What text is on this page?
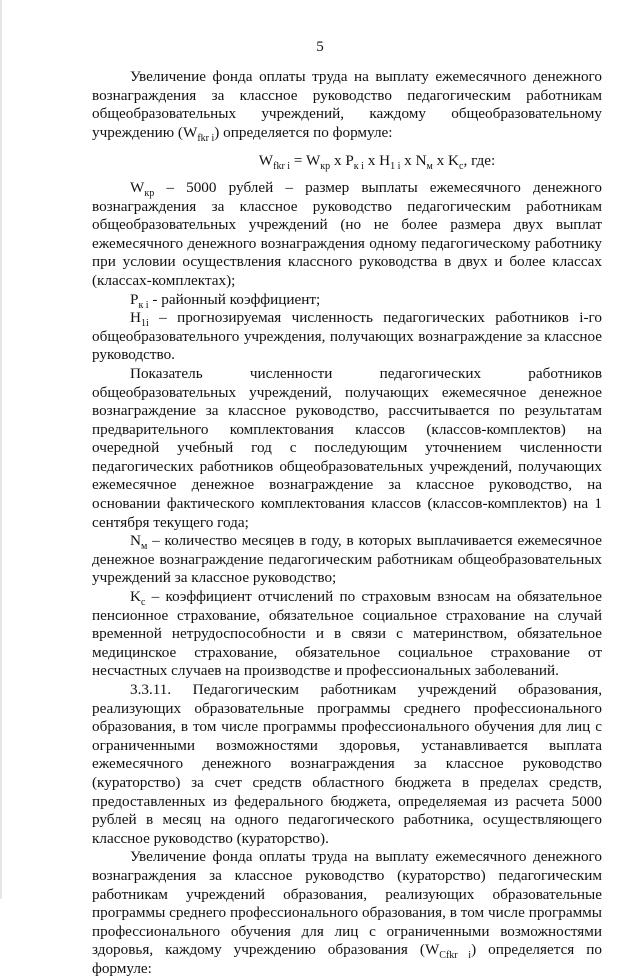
5

Увеличение фонда оплаты труда на выплату ежемесячного денежного вознаграждения за классное руководство педагогическим работникам общеобразовательных учреждений, каждому общеобразовательному учреждению $(W_{fkr i})$ определяется по формуле:

$W_{fkr i} = W_{кр}$ x $P_{к i}$ x $H_{1 i}$ x $N_м$ x $K_с$, где:

$W_{кр} - 5000$ рублей – размер выплаты ежемесячного денежного вознаграждения за классное руководство педагогическим работникам общеобразовательных учреждений (но не более размера двух выплат ежемесячного денежного вознаграждения одному педагогическому работнику при условии осуществления классного руководства в двух и более классах (классах-комплектах);

$P_{к i}$ - районный коэффициент;

$H_{1i}$ – прогнозируемая численность педагогических работников i-го общеобразовательного учреждения, получающих вознаграждение за классное руководство.

Показатель численности педагогических работников общеобразовательных учреждений, получающих ежемесячное денежное вознаграждение за классное руководство, рассчитывается по результатам предварительного комплектования классов (классов-комплектов) на очередной учебный год с последующим уточнением численности педагогических работников общеобразовательных учреждений, получающих ежемесячное денежное вознаграждение за классное руководство, на основании фактического комплектования классов (классов-комплектов) на 1 сентября текущего года;

$N_м$ – количество месяцев в году, в которых выплачивается ежемесячное денежное вознаграждение педагогическим работникам общеобразовательных учреждений за классное руководство;

$K_с$ – коэффициент отчислений по страховым взносам на обязательное пенсионное страхование, обязательное социальное страхование на случай временной нетрудоспособности и в связи с материнством, обязательное медицинское страхование, обязательное социальное страхование от несчастных случаев на производстве и профессиональных заболеваний.

3.3.11. Педагогическим работникам учреждений образования, реализующих образовательные программы среднего профессионального образования, в том числе программы профессионального обучения для лиц с ограниченными возможностями здоровья, устанавливается выплата ежемесячного денежного вознаграждения за классное руководство (кураторство) за счет средств областного бюджета в пределах средств, предоставленных из федерального бюджета, определяемая из расчета 5000 рублей в месяц на одного педагогического работника, осуществляющего классное руководство (кураторство).

Увеличение фонда оплаты труда на выплату ежемесячного денежного вознаграждения за классное руководство (кураторство) педагогическим работникам учреждений образования, реализующих образовательные программы среднего профессионального образования, в том числе программы профессионального обучения для лиц с ограниченными возможностями здоровья, каждому учреждению образования $(W_{Cfkr i})$ определяется по формуле:
